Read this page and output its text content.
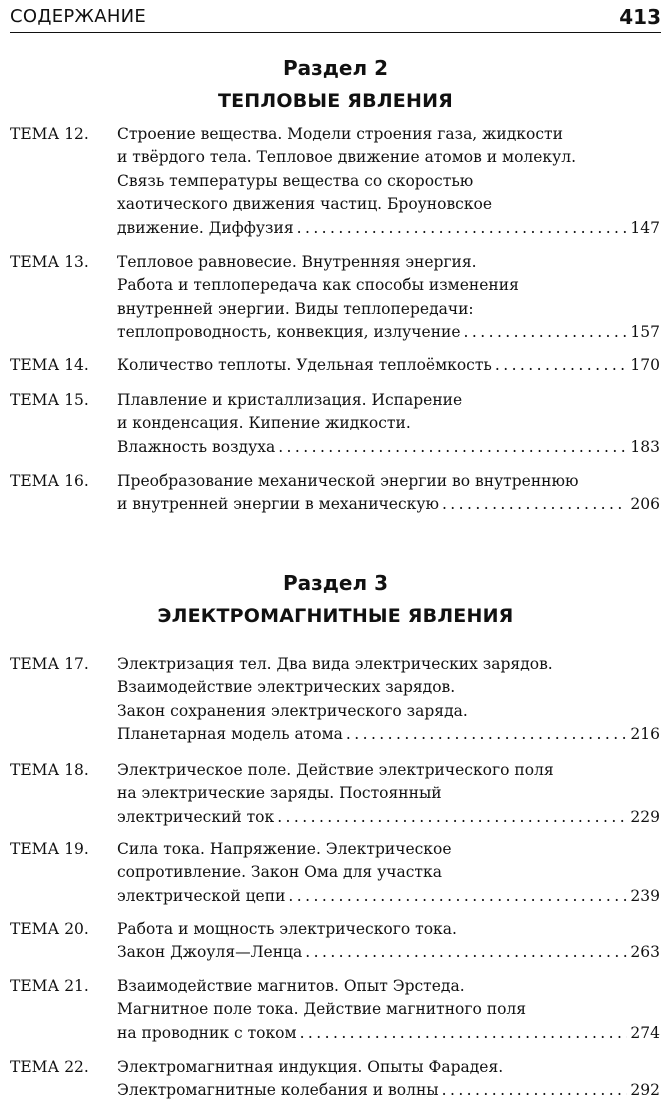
СОДЕРЖАНИЕ	413
Раздел 2
ТЕПЛОВЫЕ ЯВЛЕНИЯ
ТЕМА 12.	Строение вещества. Модели строения газа, жидкости
и твёрдого тела. Тепловое движение атомов и молекул.
Связь температуры вещества со скоростью
хаотического движения частиц. Броуновское
движение. Диффузия . . .	147
ТЕМА 13.	Тепловое равновесие. Внутренняя энергия.
Работа и теплопередача как способы изменения
внутренней энергии. Виды теплопередачи:
теплопроводность, конвекция, излучение . . .	157
ТЕМА 14.	Количество теплоты. Удельная теплоёмкость . . .	170
ТЕМА 15.	Плавление и кристаллизация. Испарение
и конденсация. Кипение жидкости.
Влажность воздуха . . .	183
ТЕМА 16.	Преобразование механической энергии во внутреннюю
и внутренней энергии в механическую . . .	206
Раздел 3
ЭЛЕКТРОМАГНИТНЫЕ ЯВЛЕНИЯ
ТЕМА 17.	Электризация тел. Два вида электрических зарядов.
Взаимодействие электрических зарядов.
Закон сохранения электрического заряда.
Планетарная модель атома . . .	216
ТЕМА 18.	Электрическое поле. Действие электрического поля
на электрические заряды. Постоянный
электрический ток . . .	229
ТЕМА 19.	Сила тока. Напряжение. Электрическое
сопротивление. Закон Ома для участка
электрической цепи . . .	239
ТЕМА 20.	Работа и мощность электрического тока.
Закон Джоуля—Ленца . . .	263
ТЕМА 21.	Взаимодействие магнитов. Опыт Эрстеда.
Магнитное поле тока. Действие магнитного поля
на проводник с током . . .	274
ТЕМА 22.	Электромагнитная индукция. Опыты Фарадея.
Электромагнитные колебания и волны . . .	292
